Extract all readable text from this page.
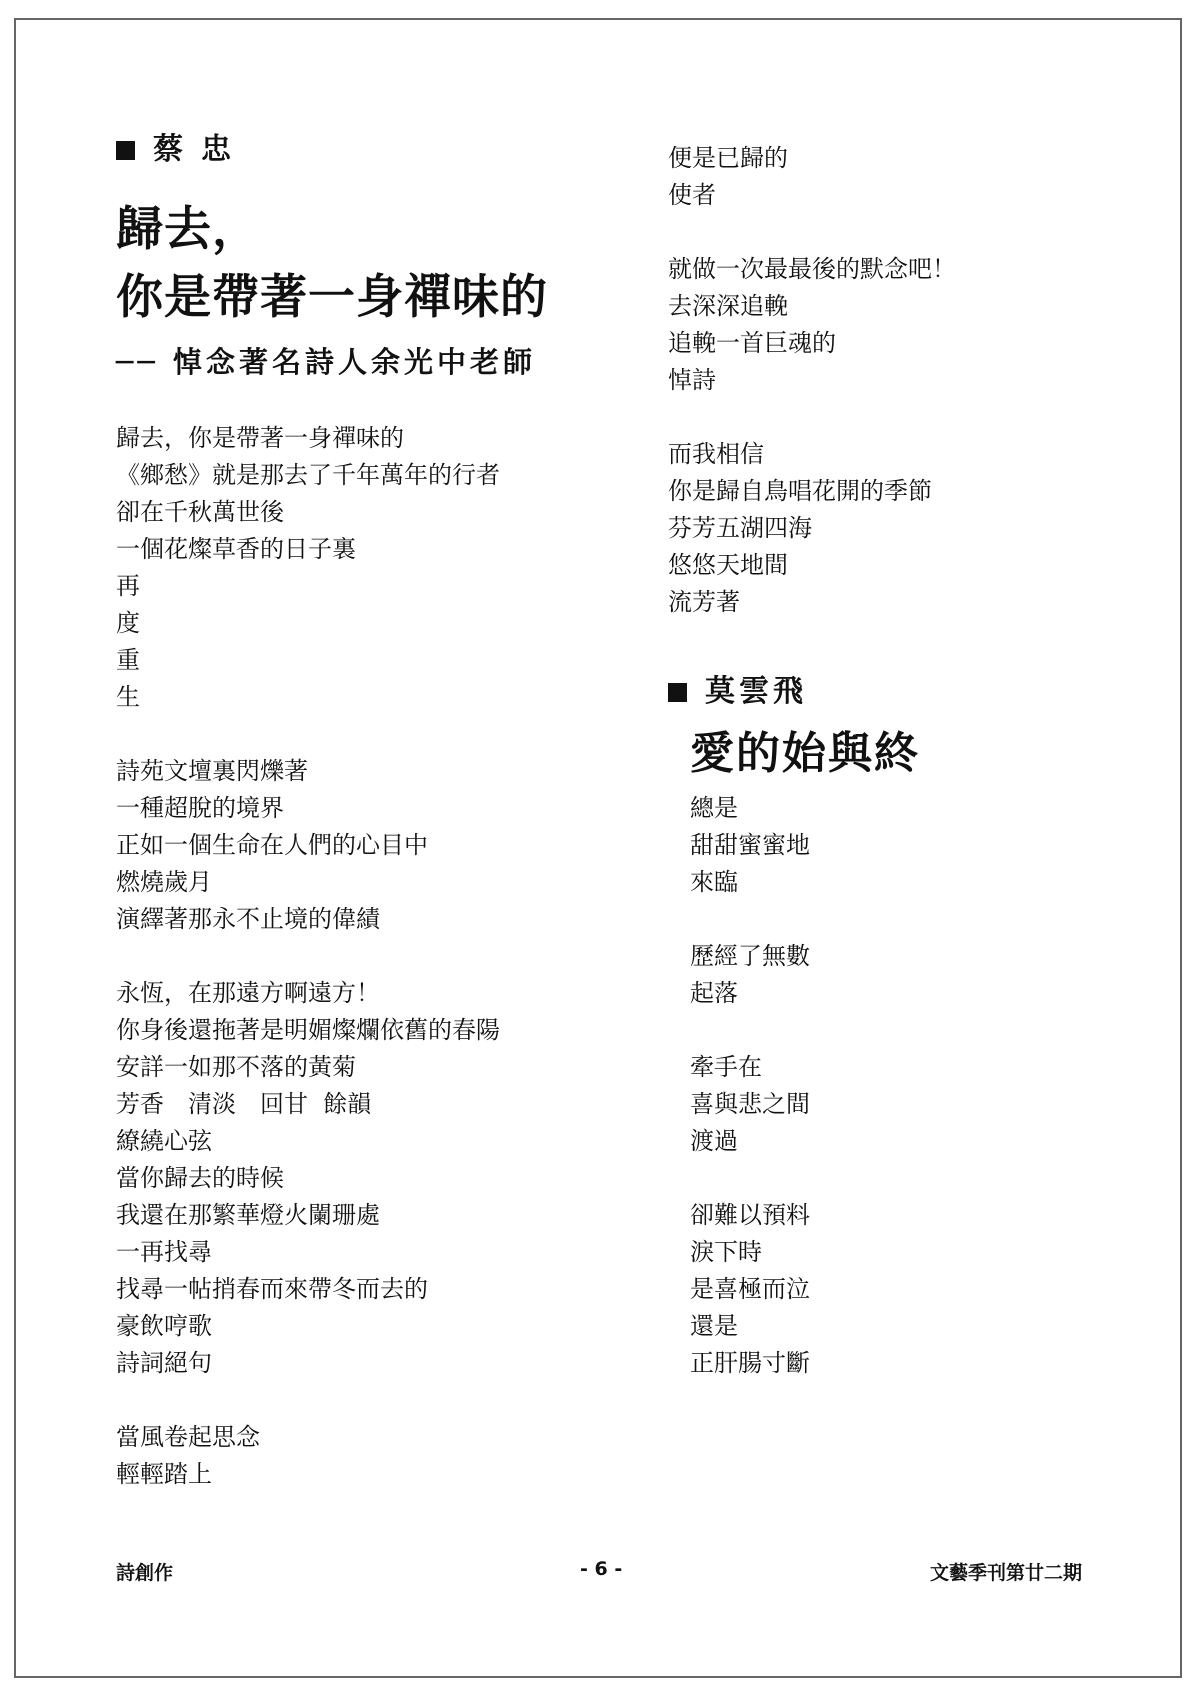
蔡忠
歸去，
你是帶著一身禪味的
── 悼念著名詩人余光中老師
歸去，你是帶著一身禪味的
《鄉愁》就是那去了千年萬年的行者
卻在千秋萬世後
一個花燦草香的日子裏
再
度
重
生
詩苑文壇裏閃爍著
一種超脫的境界
正如一個生命在人們的心目中
燃燒歲月
演繹著那永不止境的偉績
永恆，在那遠方啊遠方！
你身後還拖著是明媚燦爛依舊的春陽
安詳一如那不落的黃菊
芳香　清淡　回甘  餘韻
繚繞心弦
當你歸去的時候
我還在那繁華燈火闌珊處
一再找尋
找尋一帖捎春而來帶冬而去的
豪飲哼歌
詩詞絕句
當風卷起思念
輕輕踏上
便是已歸的
使者
就做一次最最後的默念吧！
去深深追輓
追輓一首巨魂的
悼詩
而我相信
你是歸自鳥唱花開的季節
芬芳五湖四海
悠悠天地間
流芳著
莫雲飛
愛的始與終
總是
甜甜蜜蜜地
來臨
歷經了無數
起落
牽手在
喜與悲之間
渡過
卻難以預料
淚下時
是喜極而泣
還是
正肝腸寸斷
詩創作	- 6 -	文藝季刊第廿二期
